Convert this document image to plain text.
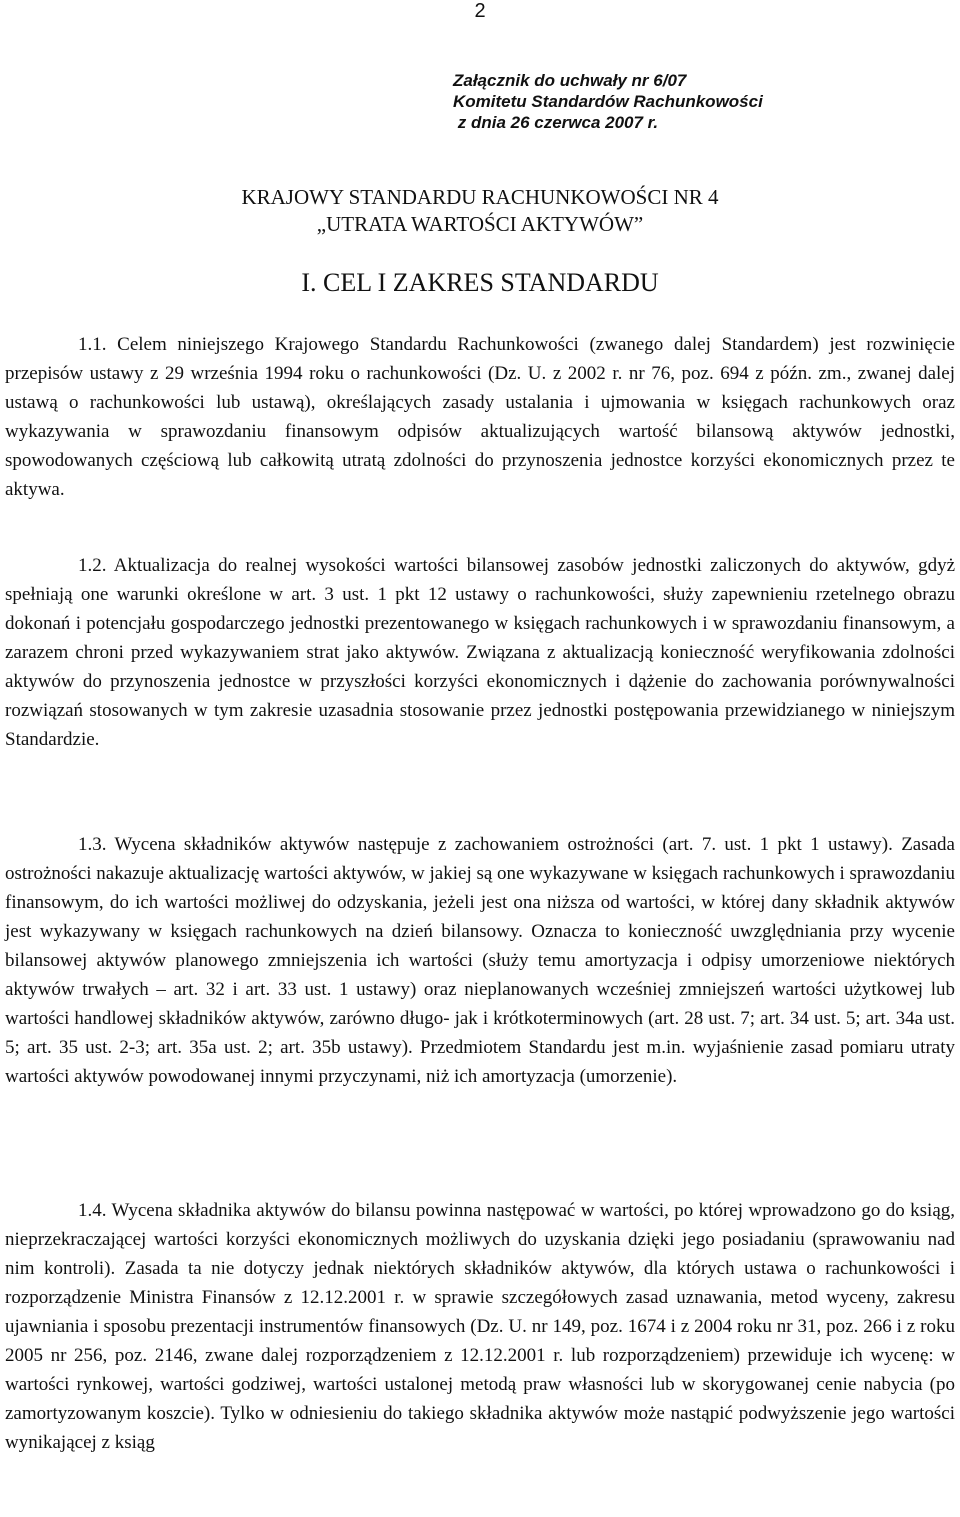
2
Załącznik do uchwały nr 6/07
Komitetu Standardów Rachunkowości
z dnia 26 czerwca 2007 r.
KRAJOWY STANDARDU RACHUNKOWOŚCI NR 4
„UTRATA WARTOŚCI AKTYWÓW”
I. CEL I ZAKRES STANDARDU

1.1. Celem niniejszego Krajowego Standardu Rachunkowości (zwanego dalej Standardem) jest rozwinięcie przepisów ustawy z 29 września 1994 roku o rachunkowości (Dz. U. z 2002 r. nr 76, poz. 694 z późn. zm., zwanej dalej ustawą o rachunkowości lub ustawą), określających zasady ustalania i ujmowania w księgach rachunkowych oraz wykazywania w sprawozdaniu finansowym odpisów aktualizujących wartość bilansową aktywów jednostki, spowodowanych częściową lub całkowitą utratą zdolności do przynoszenia jednostce korzyści ekonomicznych przez te aktywa.

1.2. Aktualizacja do realnej wysokości wartości bilansowej zasobów jednostki zaliczonych do aktywów, gdyż spełniają one warunki określone w art. 3 ust. 1 pkt 12 ustawy o rachunkowości, służy zapewnieniu rzetelnego obrazu dokonań i potencjału gospodarczego jednostki prezentowanego w księgach rachunkowych i w sprawozdaniu finansowym, a zarazem chroni przed wykazywaniem strat jako aktywów. Związana z aktualizacją konieczność weryfikowania zdolności aktywów do przynoszenia jednostce w przyszłości korzyści ekonomicznych i dążenie do zachowania porównywalności rozwiązań stosowanych w tym zakresie uzasadnia stosowanie przez jednostki postępowania przewidzianego w niniejszym Standardzie.

1.3. Wycena składników aktywów następuje z zachowaniem ostrożności (art. 7. ust. 1 pkt 1 ustawy). Zasada ostrożności nakazuje aktualizację wartości aktywów, w jakiej są one wykazywane w księgach rachunkowych i sprawozdaniu finansowym, do ich wartości możliwej do odzyskania, jeżeli jest ona niższa od wartości, w której dany składnik aktywów jest wykazywany w księgach rachunkowych na dzień bilansowy. Oznacza to konieczność uwzględniania przy wycenie bilansowej aktywów planowego zmniejszenia ich wartości (służy temu amortyzacja i odpisy umorzeniowe niektórych aktywów trwałych – art. 32 i art. 33 ust. 1 ustawy) oraz nieplanowanych wcześniej zmniejszeń wartości użytkowej lub wartości handlowej składników aktywów, zarówno długo- jak i krótkoterminowych (art. 28 ust. 7; art. 34 ust. 5; art. 34a ust. 5; art. 35 ust. 2-3; art. 35a ust. 2; art. 35b ustawy). Przedmiotem Standardu jest m.in. wyjaśnienie zasad pomiaru utraty wartości aktywów powodowanej innymi przyczynami, niż ich amortyzacja (umorzenie).

1.4. Wycena składnika aktywów do bilansu powinna następować w wartości, po której wprowadzono go do ksiąg, nieprzekraczającej wartości korzyści ekonomicznych możliwych do uzyskania dzięki jego posiadaniu (sprawowaniu nad nim kontroli). Zasada ta nie dotyczy jednak niektórych składników aktywów, dla których ustawa o rachunkowości i rozporządzenie Ministra Finansów z 12.12.2001 r. w sprawie szczegółowych zasad uznawania, metod wyceny, zakresu ujawniania i sposobu prezentacji instrumentów finansowych (Dz. U. nr 149, poz. 1674 i z 2004 roku nr 31, poz. 266 i z roku 2005 nr 256, poz. 2146, zwane dalej rozporządzeniem z 12.12.2001 r. lub rozporządzeniem) przewiduje ich wycenę: w wartości rynkowej, wartości godziwej, wartości ustalonej metodą praw własności lub w skorygowanej cenie nabycia (po zamortyzowanym koszcie). Tylko w odniesieniu do takiego składnika aktywów może nastąpić podwyższenie jego wartości wynikającej z ksiąg
